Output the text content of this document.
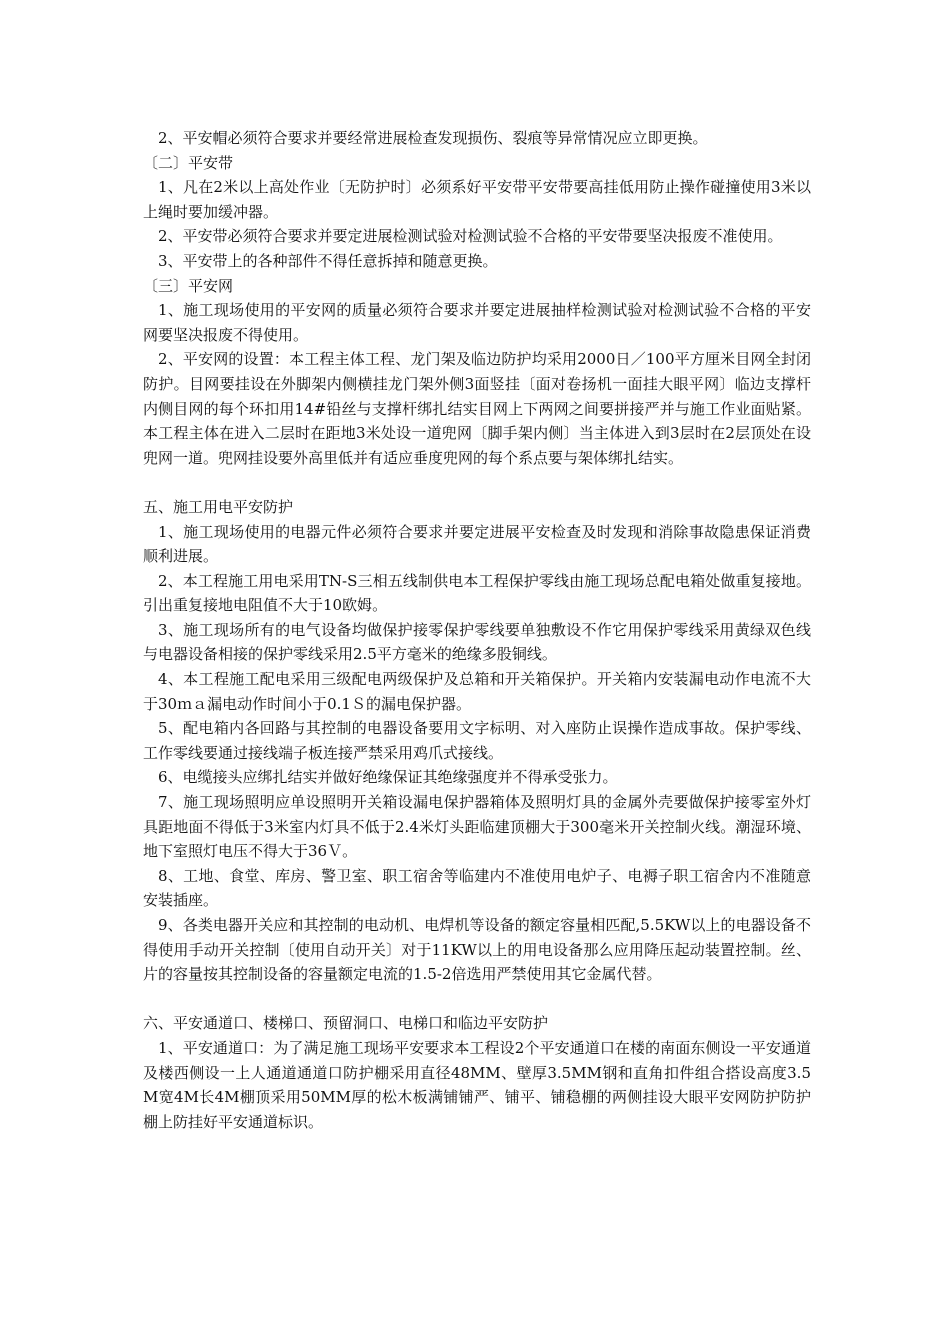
2、平安帽必须符合要求并要经常进展检查发现损伤、裂痕等异常情况应立即更换。

〔二〕平安带

1、凡在2米以上高处作业〔无防护时〕必须系好平安带平安带要高挂低用防止操作碰撞使用3米以上绳时要加缓冲器。

2、平安带必须符合要求并要定进展检测试验对检测试验不合格的平安带要坚决报废不准使用。

3、平安带上的各种部件不得任意拆掉和随意更换。

〔三〕平安网

1、施工现场使用的平安网的质量必须符合要求并要定进展抽样检测试验对检测试验不合格的平安网要坚决报废不得使用。

2、平安网的设置：本工程主体工程、龙门架及临边防护均采用2000日／100平方厘米目网全封闭防护。目网要挂设在外脚架内侧横挂龙门架外侧3面竖挂〔面对卷扬机一面挂大眼平网〕临边支撑杆内侧目网的每个环扣用14#铅丝与支撑杆绑扎结实目网上下两网之间要拼接严并与施工作业面贴紧。本工程主体在进入二层时在距地3米处设一道兜网〔脚手架内侧〕当主体进入到3层时在2层顶处在设兜网一道。兜网挂设要外高里低并有适应垂度兜网的每个系点要与架体绑扎结实。

五、施工用电平安防护

1、施工现场使用的电器元件必须符合要求并要定进展平安检查及时发现和消除事故隐患保证消费顺利进展。

2、本工程施工用电采用TN-S三相五线制供电本工程保护零线由施工现场总配电箱处做重复接地。引出重复接地电阻值不大于10欧姆。

3、施工现场所有的电气设备均做保护接零保护零线要单独敷设不作它用保护零线采用黄绿双色线与电器设备相接的保护零线采用2.5平方毫米的绝缘多股铜线。

4、本工程施工配电采用三级配电两级保护及总箱和开关箱保护。开关箱内安装漏电动作电流不大于30ｍａ漏电动作时间小于0.1Ｓ的漏电保护器。

5、配电箱内各回路与其控制的电器设备要用文字标明、对入座防止误操作造成事故。保护零线、工作零线要通过接线端子板连接严禁采用鸡爪式接线。

6、电缆接头应绑扎结实并做好绝缘保证其绝缘强度并不得承受张力。

7、施工现场照明应单设照明开关箱设漏电保护器箱体及照明灯具的金属外壳要做保护接零室外灯具距地面不得低于3米室内灯具不低于2.4米灯头距临建顶棚大于300毫米开关控制火线。潮湿环境、地下室照灯电压不得大于36Ｖ。

8、工地、食堂、库房、警卫室、职工宿舍等临建内不准使用电炉子、电褥子职工宿舍内不准随意安装插座。

9、各类电器开关应和其控制的电动机、电焊机等设备的额定容量相匹配,5.5KW以上的电器设备不得使用手动开关控制〔使用自动开关〕对于11KW以上的用电设备那么应用降压起动装置控制。丝、片的容量按其控制设备的容量额定电流的1.5-2倍选用严禁使用其它金属代替。

六、平安通道口、楼梯口、预留洞口、电梯口和临边平安防护

1、平安通道口：为了满足施工现场平安要求本工程设2个平安通道口在楼的南面东侧设一平安通道及楼西侧设一上人通道通道口防护棚采用直径48MM、壁厚3.5MM钢和直角扣件组合搭设高度3.5M宽4M长4M棚顶采用50MM厚的松木板满铺铺严、铺平、铺稳棚的两侧挂设大眼平安网防护防护棚上防挂好平安通道标识。
